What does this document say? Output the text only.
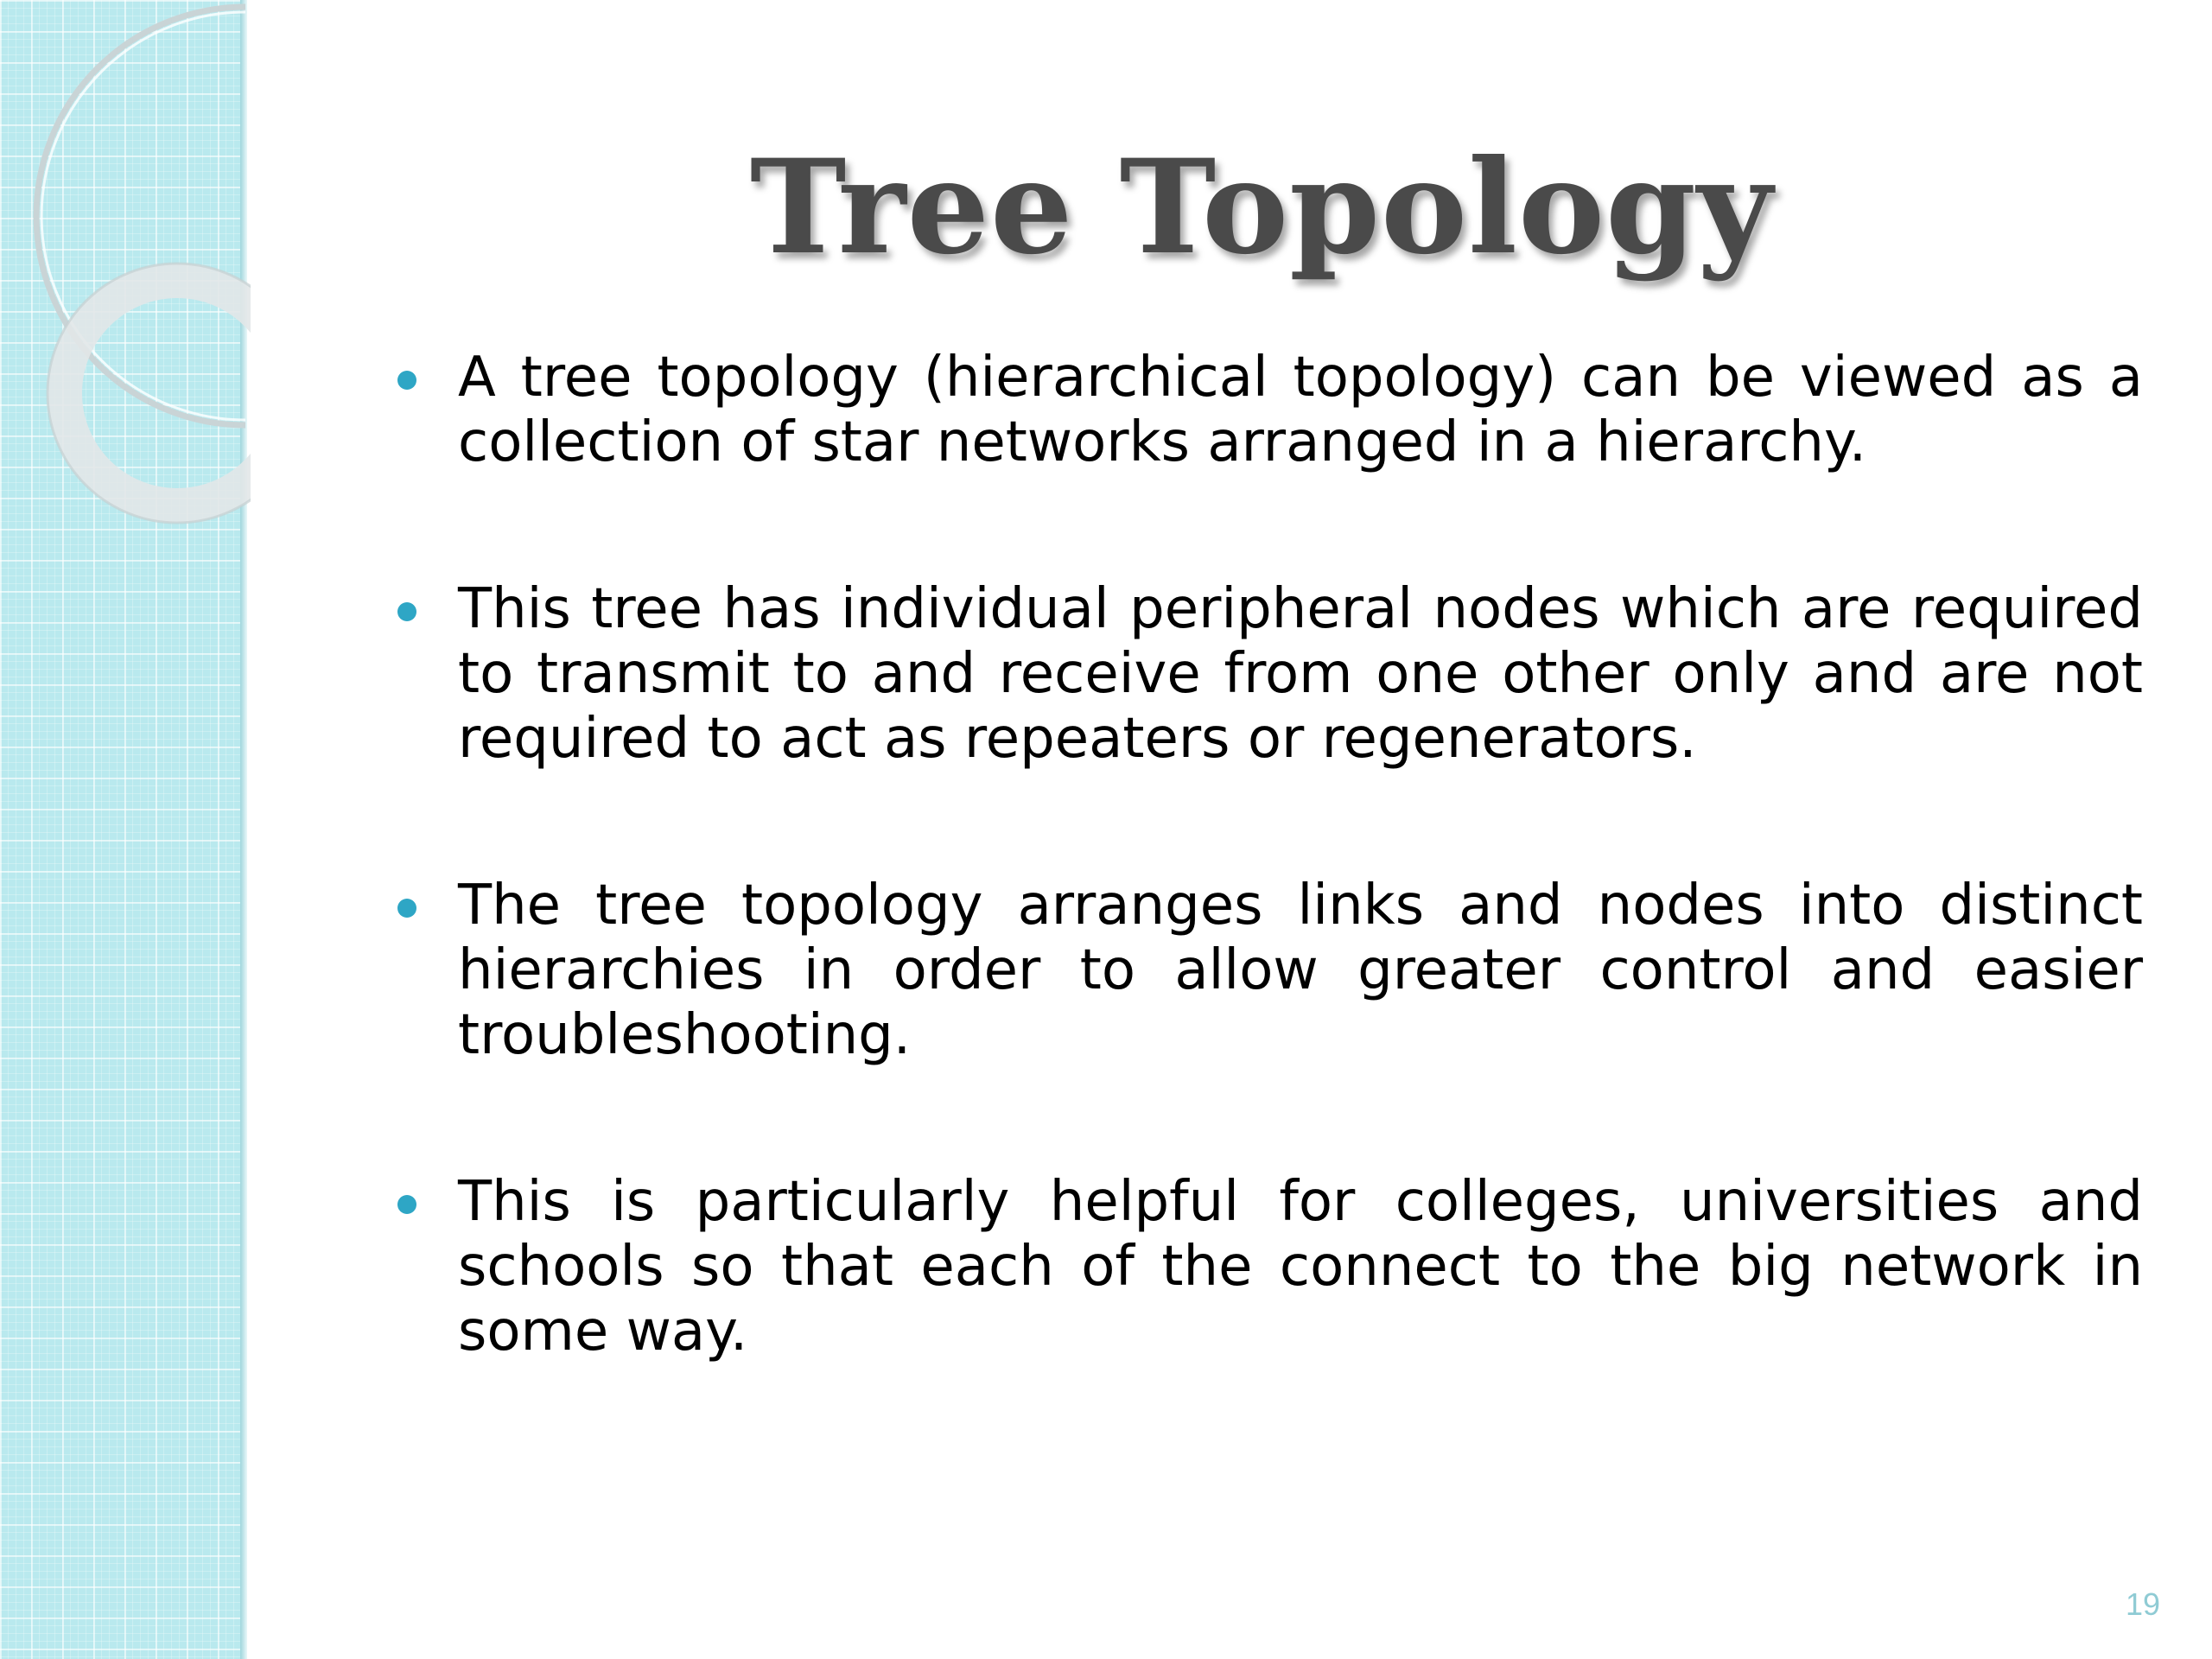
Tree Topology
A tree topology (hierarchical topology) can be viewed as a collection of star networks arranged in a hierarchy.
This tree has individual peripheral nodes which are required to transmit to and receive from one other only and are not required to act as repeaters or regenerators.
The tree topology arranges links and nodes into distinct hierarchies in order to allow greater control and easier troubleshooting.
This is particularly helpful for colleges, universities and schools so that each of the connect to the big network in some way.
19
